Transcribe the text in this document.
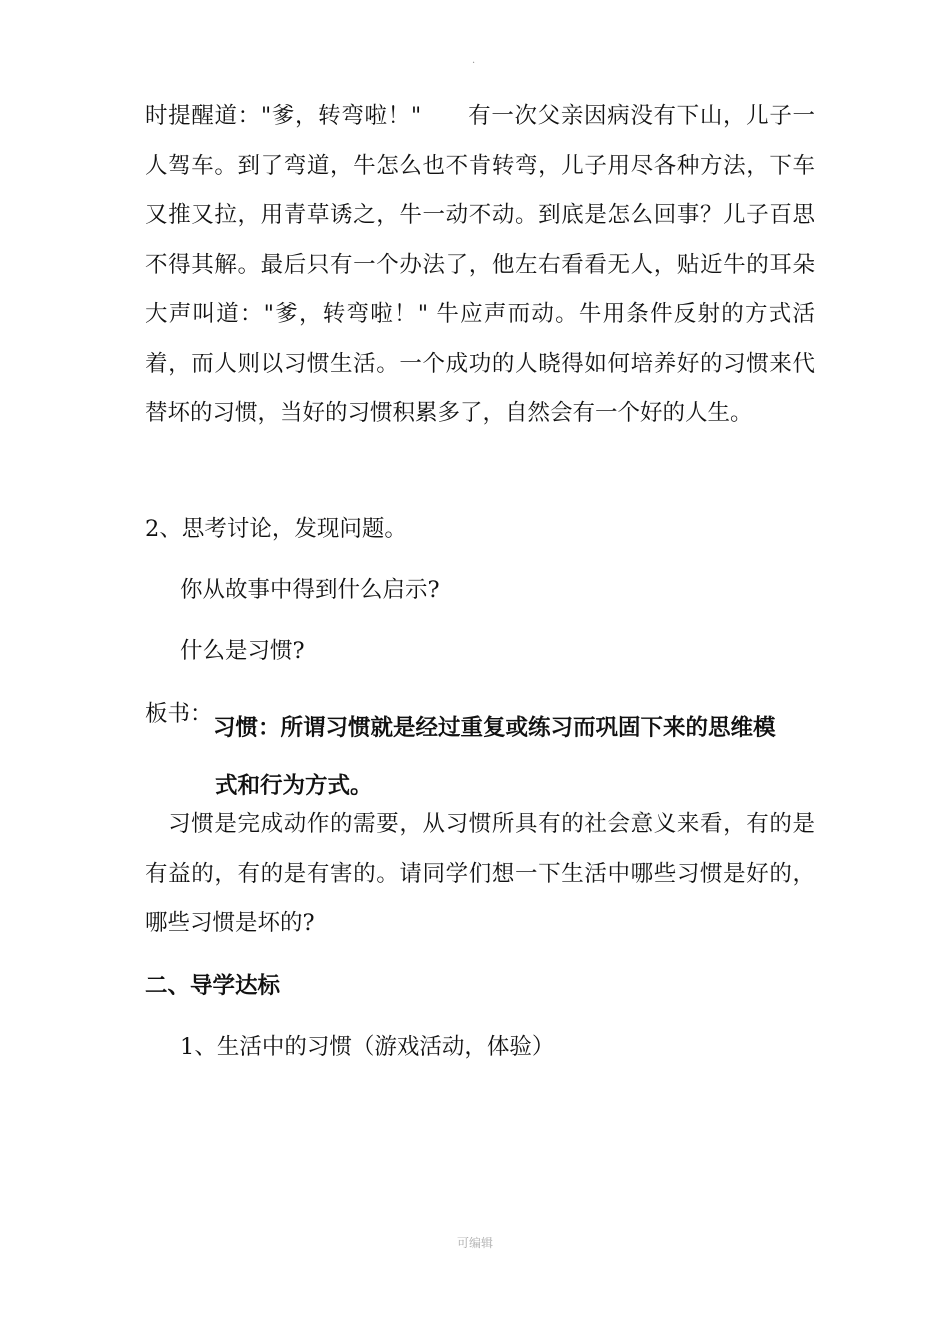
·

时提醒道："爹，转弯啦！"　　有一次父亲因病没有下山，儿子一人驾车。到了弯道，牛怎么也不肯转弯，儿子用尽各种方法，下车又推又拉，用青草诱之，牛一动不动。到底是怎么回事？儿子百思不得其解。最后只有一个办法了，他左右看看无人，贴近牛的耳朵大声叫道："爹，转弯啦！" 牛应声而动。牛用条件反射的方式活着，而人则以习惯生活。一个成功的人晓得如何培养好的习惯来代替坏的习惯，当好的习惯积累多了，自然会有一个好的人生。

2、思考讨论，发现问题。

你从故事中得到什么启示?

什么是习惯?

板书：

习惯：所谓习惯就是经过重复或练习而巩固下来的思维模
式和行为方式。

　习惯是完成动作的需要，从习惯所具有的社会意义来看，有的是有益的，有的是有害的。请同学们想一下生活中哪些习惯是好的，哪些习惯是坏的?

二、导学达标

1、生活中的习惯（游戏活动，体验）

可编辑
